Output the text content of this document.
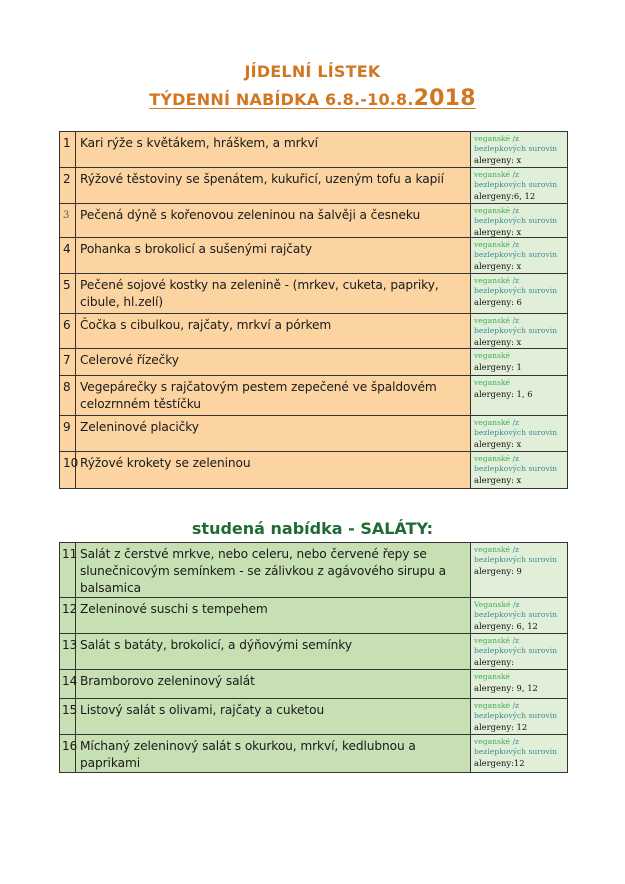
JÍDELNÍ LÍSTEK
TÝDENNÍ NABÍDKA 6.8.-10.8.2018
1	Kari rýže s květákem, hráškem, a mrkví	veganské /z bezlepkových surovin
alergeny: x

2	Rýžové těstoviny se špenátem, kukuřicí, uzeným tofu a kapií	veganské /z bezlepkových surovin
alergeny:6, 12

3	Pečená dýně s kořenovou zeleninou na šalvěji a česneku	veganské /z bezlepkových surovin
alergeny: x

4	Pohanka s brokolicí a sušenými rajčaty	veganské /z bezlepkových surovin
alergeny: x

5	Pečené sojové kostky na zelenině - (mrkev, cuketa, papriky, cibule, hl.zelí)	veganské /z bezlepkových surovin
alergeny: 6

6	Čočka s cibulkou, rajčaty, mrkví a pórkem	veganské /z bezlepkových surovin
alergeny: x

7	Celerové řízečky	veganské
alergeny: 1

8	Vegepárečky s rajčatovým pestem zepečené ve špaldovém celozrnném těstíčku	veganské
alergeny: 1, 6

9	Zeleninové placičky	veganské /z bezlepkových surovin
alergeny: x

10	Rýžové krokety se zeleninou	veganské /z bezlepkových surovin
alergeny: x
studená nabídka - SALÁTY:
11	Salát z čerstvé mrkve, nebo celeru, nebo červené řepy se slunečnicovým semínkem - se zálivkou z agávového sirupu a balsamica	veganské /z bezlepkových surovin
alergeny: 9

12	Zeleninové suschi s tempehem	Veganské /z bezlepkových surovin
alergeny: 6, 12

13	Salát s batáty, brokolicí, a dýňovými semínky	veganské /z bezlepkových surovin
alergeny:

14	Bramborovo zeleninový salát	veganské
alergeny: 9, 12

15	Listový salát s olivami, rajčaty a cuketou	veganské /z bezlepkových surovin
alergeny: 12

16	Míchaný zeleninový salát s okurkou, mrkví, kedlubnou a paprikami	veganské /z bezlepkových surovin
alergeny:12
